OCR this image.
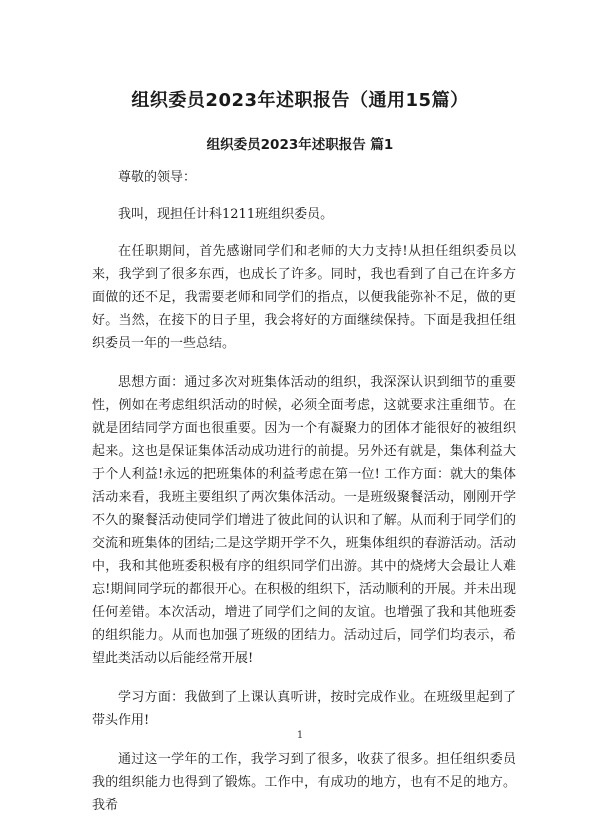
组织委员2023年述职报告（通用15篇）
组织委员2023年述职报告 篇1

尊敬的领导：

我叫，现担任计科1211班组织委员。

在任职期间，首先感谢同学们和老师的大力支持!从担任组织委员以来，我学到了很多东西，也成长了许多。同时，我也看到了自己在许多方面做的还不足，我需要老师和同学们的指点，以便我能弥补不足，做的更好。当然，在接下的日子里，我会将好的方面继续保持。下面是我担任组织委员一年的一些总结。

思想方面：通过多次对班集体活动的组织，我深深认识到细节的重要性，例如在考虑组织活动的时候，必须全面考虑，这就要求注重细节。在就是团结同学方面也很重要。因为一个有凝聚力的团体才能很好的被组织起来。这也是保证集体活动成功进行的前提。另外还有就是，集体利益大于个人利益!永远的把班集体的利益考虑在第一位! 工作方面：就大的集体活动来看，我班主要组织了两次集体活动。一是班级聚餐活动，刚刚开学不久的聚餐活动使同学们增进了彼此间的认识和了解。从而利于同学们的交流和班集体的团结;二是这学期开学不久，班集体组织的春游活动。活动中，我和其他班委积极有序的组织同学们出游。其中的烧烤大会最让人难忘!期间同学玩的都很开心。在积极的组织下，活动顺利的开展。并未出现任何差错。本次活动，增进了同学们之间的友谊。也增强了我和其他班委的组织能力。从而也加强了班级的团结力。活动过后，同学们均表示，希望此类活动以后能经常开展!

学习方面：我做到了上课认真听讲，按时完成作业。在班级里起到了带头作用!

通过这一学年的工作，我学习到了很多，收获了很多。担任组织委员我的组织能力也得到了锻炼。工作中，有成功的地方，也有不足的地方。我希

1
